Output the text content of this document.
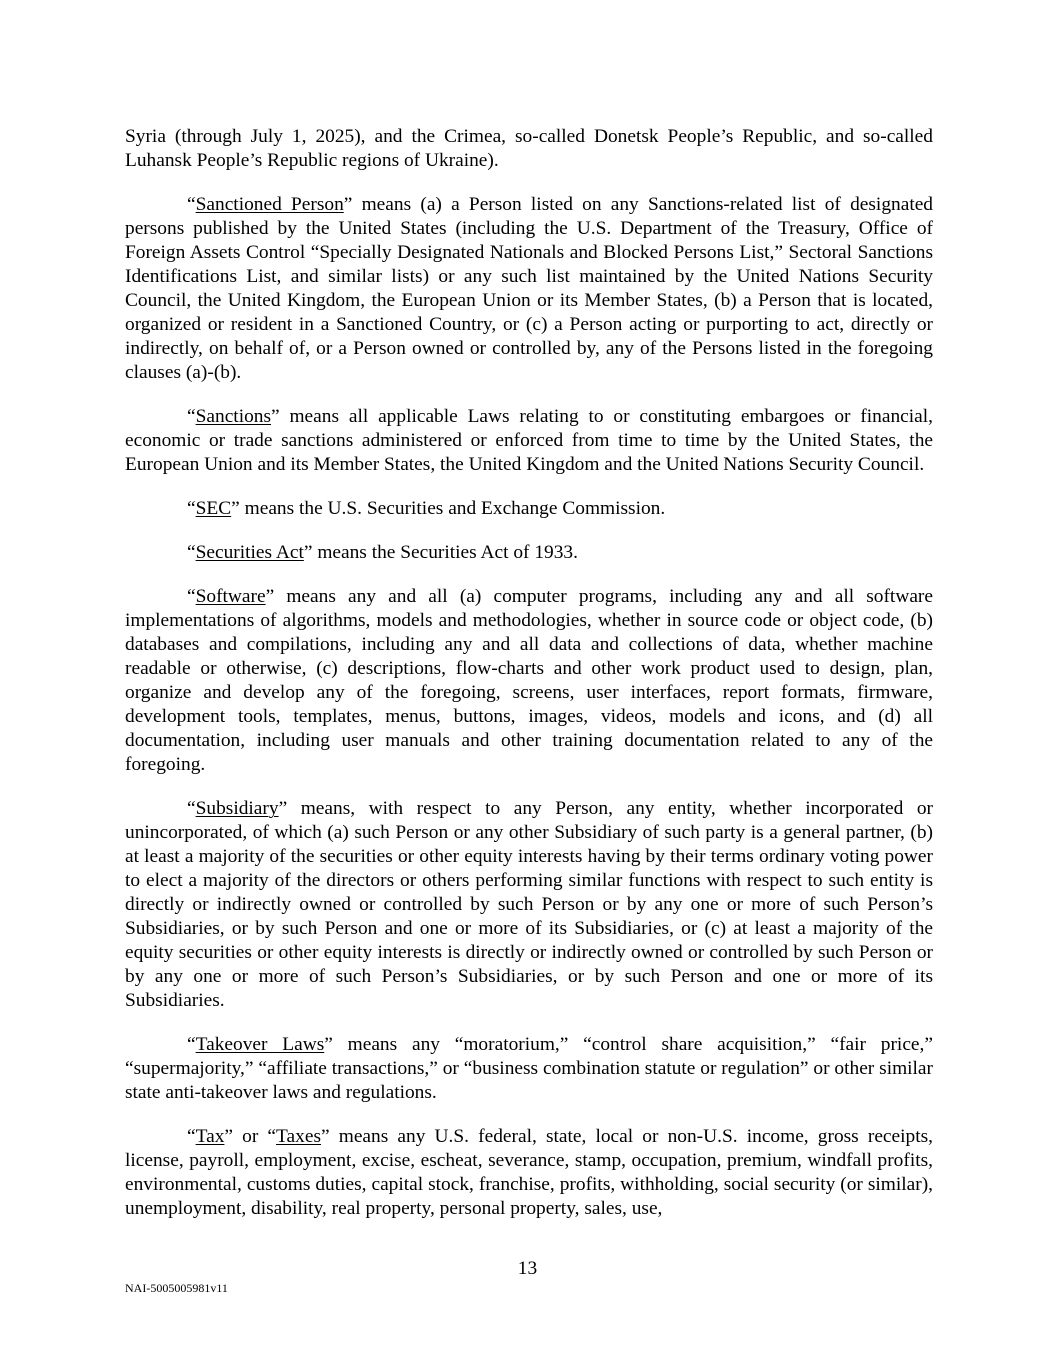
Syria (through July 1, 2025), and the Crimea, so-called Donetsk People’s Republic, and so-called Luhansk People’s Republic regions of Ukraine).

“Sanctioned Person” means (a) a Person listed on any Sanctions-related list of designated persons published by the United States (including the U.S. Department of the Treasury, Office of Foreign Assets Control “Specially Designated Nationals and Blocked Persons List,” Sectoral Sanctions Identifications List, and similar lists) or any such list maintained by the United Nations Security Council, the United Kingdom, the European Union or its Member States, (b) a Person that is located, organized or resident in a Sanctioned Country, or (c) a Person acting or purporting to act, directly or indirectly, on behalf of, or a Person owned or controlled by, any of the Persons listed in the foregoing clauses (a)-(b).

“Sanctions” means all applicable Laws relating to or constituting embargoes or financial, economic or trade sanctions administered or enforced from time to time by the United States, the European Union and its Member States, the United Kingdom and the United Nations Security Council.

“SEC” means the U.S. Securities and Exchange Commission.

“Securities Act” means the Securities Act of 1933.

“Software” means any and all (a) computer programs, including any and all software implementations of algorithms, models and methodologies, whether in source code or object code, (b) databases and compilations, including any and all data and collections of data, whether machine readable or otherwise, (c) descriptions, flow-charts and other work product used to design, plan, organize and develop any of the foregoing, screens, user interfaces, report formats, firmware, development tools, templates, menus, buttons, images, videos, models and icons, and (d) all documentation, including user manuals and other training documentation related to any of the foregoing.

“Subsidiary” means, with respect to any Person, any entity, whether incorporated or unincorporated, of which (a) such Person or any other Subsidiary of such party is a general partner, (b) at least a majority of the securities or other equity interests having by their terms ordinary voting power to elect a majority of the directors or others performing similar functions with respect to such entity is directly or indirectly owned or controlled by such Person or by any one or more of such Person’s Subsidiaries, or by such Person and one or more of its Subsidiaries, or (c) at least a majority of the equity securities or other equity interests is directly or indirectly owned or controlled by such Person or by any one or more of such Person’s Subsidiaries, or by such Person and one or more of its Subsidiaries.

“Takeover Laws” means any “moratorium,” “control share acquisition,” “fair price,” “supermajority,” “affiliate transactions,” or “business combination statute or regulation” or other similar state anti-takeover laws and regulations.

“Tax” or “Taxes” means any U.S. federal, state, local or non-U.S. income, gross receipts, license, payroll, employment, excise, escheat, severance, stamp, occupation, premium, windfall profits, environmental, customs duties, capital stock, franchise, profits, withholding, social security (or similar), unemployment, disability, real property, personal property, sales, use,

13
NAI-5005005981v11
